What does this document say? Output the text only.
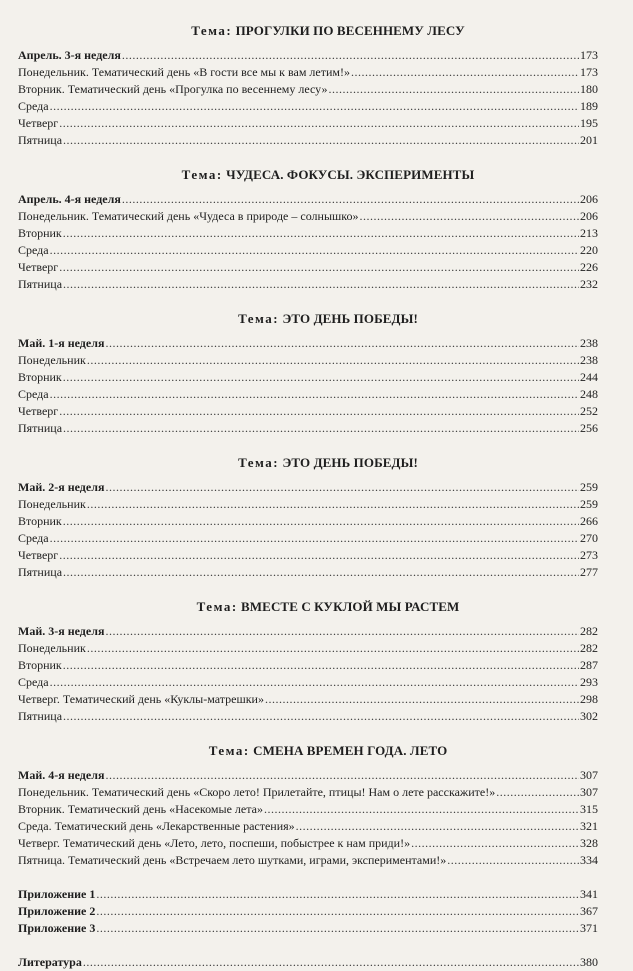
Тема: ПРОГУЛКИ ПО ВЕСЕННЕМУ ЛЕСУ
Апрель. 3-я неделя .....	173
Понедельник. Тематический день «В гости все мы к вам летим!» .....	173
Вторник. Тематический день «Прогулка по весеннему лесу» .....	180
Среда .....	189
Четверг .....	195
Пятница .....	201
Тема: ЧУДЕСА. ФОКУСЫ. ЭКСПЕРИМЕНТЫ
Апрель. 4-я неделя .....	206
Понедельник. Тематический день «Чудеса в природе – солнышко» .....	206
Вторник .....	213
Среда .....	220
Четверг .....	226
Пятница .....	232
Тема: ЭТО ДЕНЬ ПОБЕДЫ!
Май. 1-я неделя .....	238
Понедельник .....	238
Вторник .....	244
Среда .....	248
Четверг .....	252
Пятница .....	256
Тема: ЭТО ДЕНЬ ПОБЕДЫ!
Май. 2-я неделя .....	259
Понедельник .....	259
Вторник .....	266
Среда .....	270
Четверг .....	273
Пятница .....	277
Тема: ВМЕСТЕ С КУКЛОЙ МЫ РАСТЕМ
Май. 3-я неделя .....	282
Понедельник .....	282
Вторник .....	287
Среда .....	293
Четверг. Тематический день «Куклы-матрешки» .....	298
Пятница .....	302
Тема: СМЕНА ВРЕМЕН ГОДА. ЛЕТО
Май. 4-я неделя .....	307
Понедельник. Тематический день «Скоро лето! Прилетайте, птицы! Нам о лете расскажите!» .....	307
Вторник. Тематический день «Насекомые лета» .....	315
Среда. Тематический день «Лекарственные растения» .....	321
Четверг. Тематический день «Лето, лето, поспеши, побыстрее к нам приди!» .....	328
Пятница. Тематический день «Встречаем лето шутками, играми, экспериментами!» .....	334
Приложение 1 .....	341
Приложение 2 .....	367
Приложение 3 .....	371
Литература .....	380
